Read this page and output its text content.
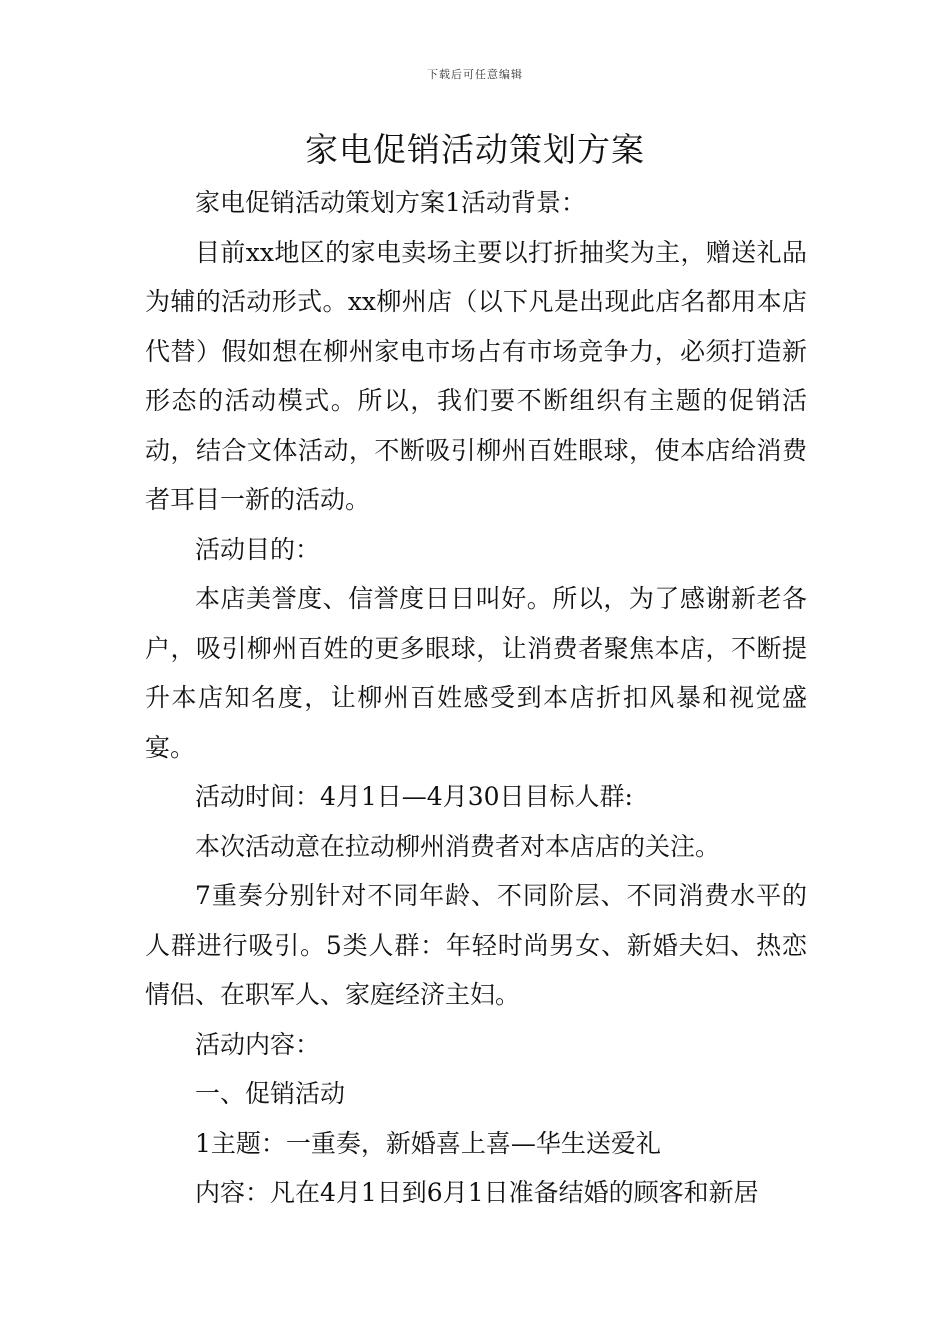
下载后可任意编辑
家电促销活动策划方案

家电促销活动策划方案1活动背景：

目前xx地区的家电卖场主要以打折抽奖为主，赠送礼品为辅的活动形式。xx柳州店（以下凡是出现此店名都用本店代替）假如想在柳州家电市场占有市场竞争力，必须打造新形态的活动模式。所以，我们要不断组织有主题的促销活动，结合文体活动，不断吸引柳州百姓眼球，使本店给消费者耳目一新的活动。

活动目的：

本店美誉度、信誉度日日叫好。所以，为了感谢新老各户，吸引柳州百姓的更多眼球，让消费者聚焦本店，不断提升本店知名度，让柳州百姓感受到本店折扣风暴和视觉盛宴。

活动时间：4月1日—4月30日目标人群:

本次活动意在拉动柳州消费者对本店店的关注。

7重奏分别针对不同年龄、不同阶层、不同消费水平的人群进行吸引。5类人群：年轻时尚男女、新婚夫妇、热恋情侣、在职军人、家庭经济主妇。

活动内容：

一、促销活动

1主题：一重奏，新婚喜上喜—华生送爱礼

内容：凡在4月1日到6月1日准备结婚的顾客和新居
